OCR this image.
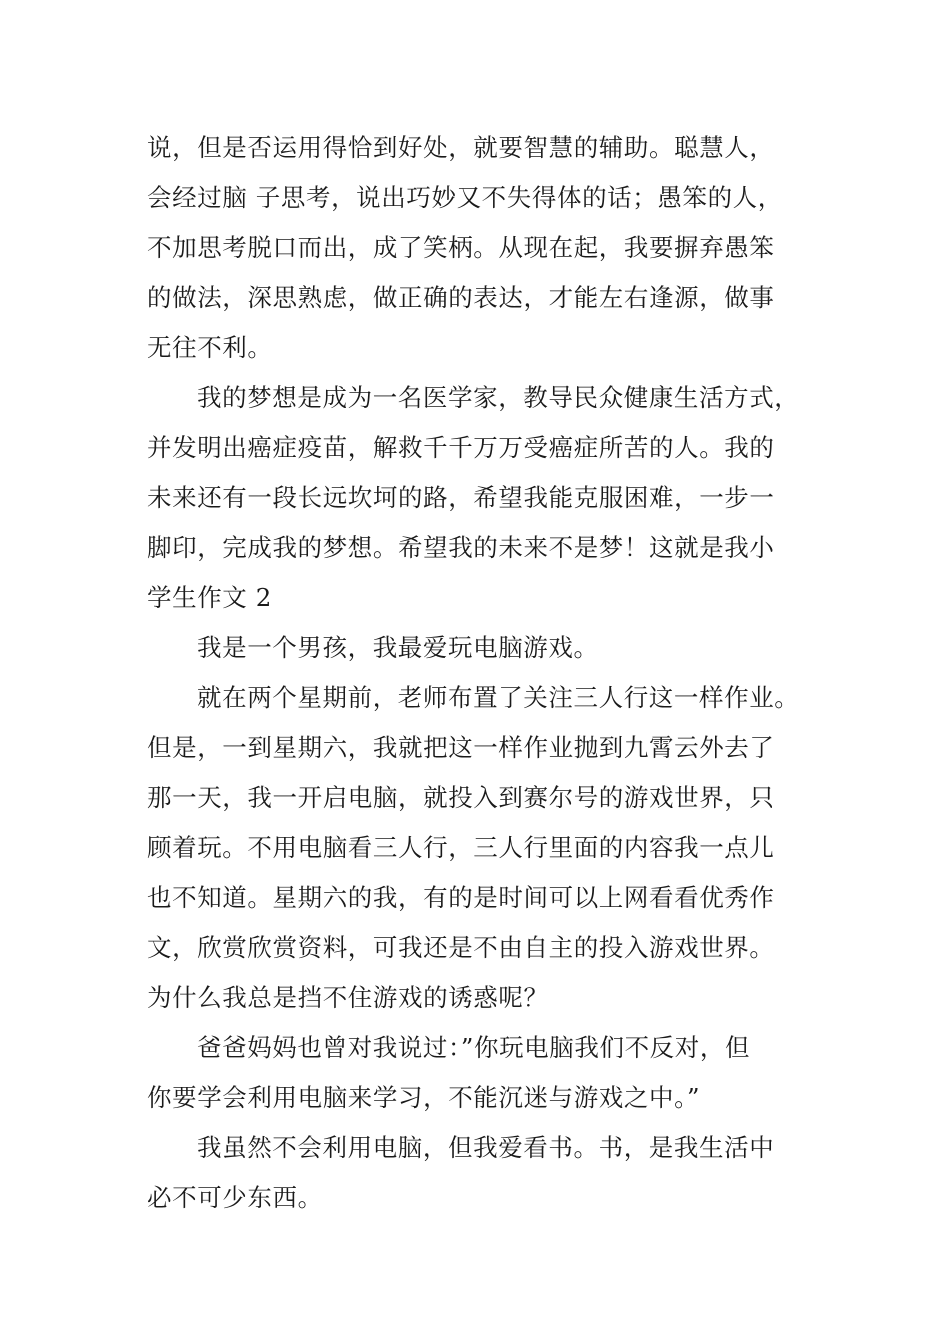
说，但是否运用得恰到好处，就要智慧的辅助。聪慧人，
会经过脑 子思考，说出巧妙又不失得体的话；愚笨的人，
不加思考脱口而出，成了笑柄。从现在起，我要摒弃愚笨
的做法，深思熟虑，做正确的表达，才能左右逢源，做事
无往不利。
我的梦想是成为一名医学家，教导民众健康生活方式，
并发明出癌症疫苗，解救千千万万受癌症所苦的人。我的
未来还有一段长远坎坷的路，希望我能克服困难，一步一
脚印，完成我的梦想。希望我的未来不是梦！这就是我小
学生作文 2
我是一个男孩，我最爱玩电脑游戏。
就在两个星期前，老师布置了关注三人行这一样作业。
但是，一到星期六，我就把这一样作业抛到九霄云外去了
那一天，我一开启电脑，就投入到赛尔号的游戏世界，只
顾着玩。不用电脑看三人行，三人行里面的内容我一点儿
也不知道。星期六的我，有的是时间可以上网看看优秀作
文，欣赏欣赏资料，可我还是不由自主的投入游戏世界。
为什么我总是挡不住游戏的诱惑呢？
爸爸妈妈也曾对我说过：”你玩电脑我们不反对，但
你要学会利用电脑来学习，不能沉迷与游戏之中。”
我虽然不会利用电脑，但我爱看书。书，是我生活中
必不可少东西。
